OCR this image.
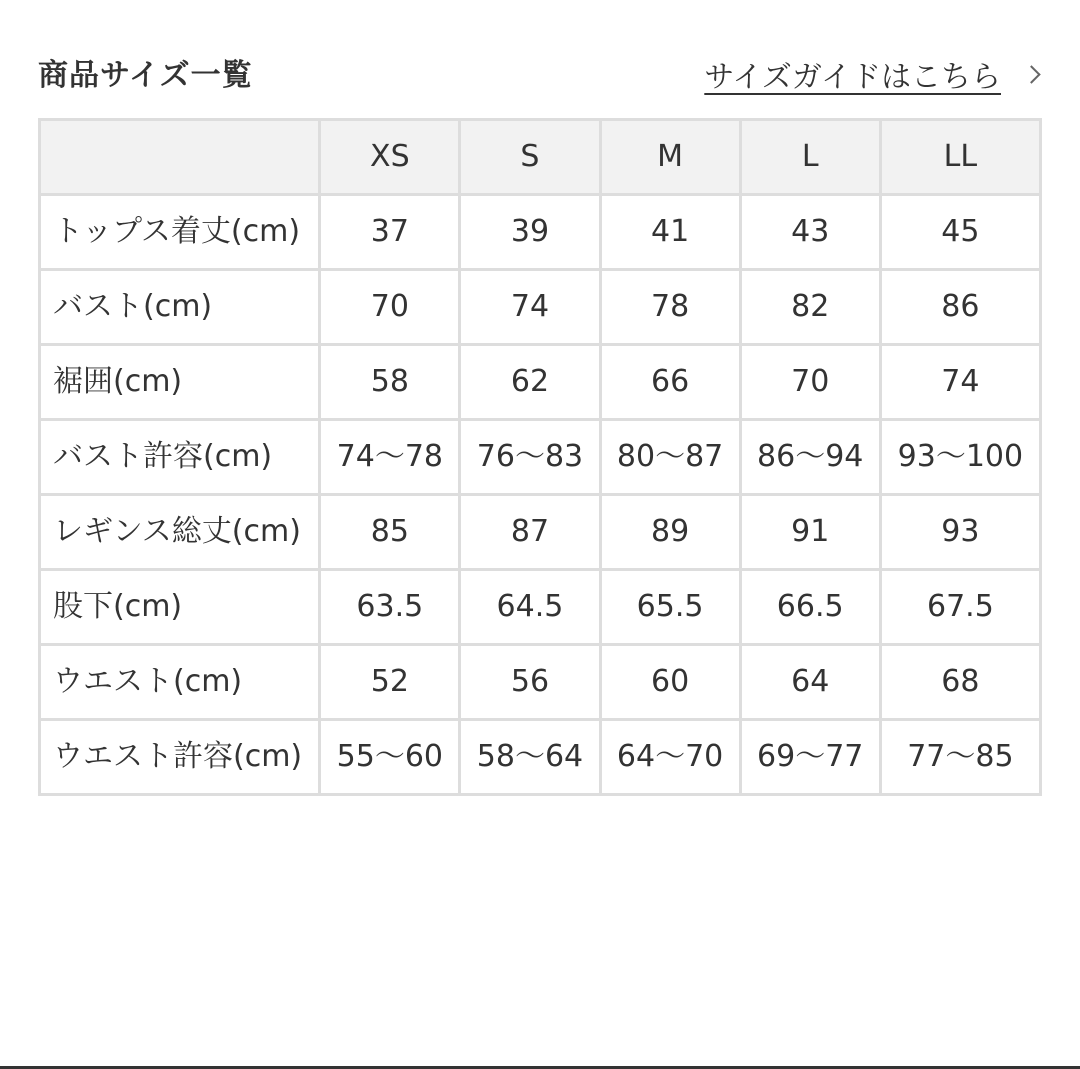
商品サイズ一覧	サイズガイドはこちら
	XS	S	M	L	LL
トップス着丈(cm)	37	39	41	43	45
バスト(cm)	70	74	78	82	86
裾囲(cm)	58	62	66	70	74
バスト許容(cm)	74〜78	76〜83	80〜87	86〜94	93〜100
レギンス総丈(cm)	85	87	89	91	93
股下(cm)	63.5	64.5	65.5	66.5	67.5
ウエスト(cm)	52	56	60	64	68
ウエスト許容(cm)	55〜60	58〜64	64〜70	69〜77	77〜85
